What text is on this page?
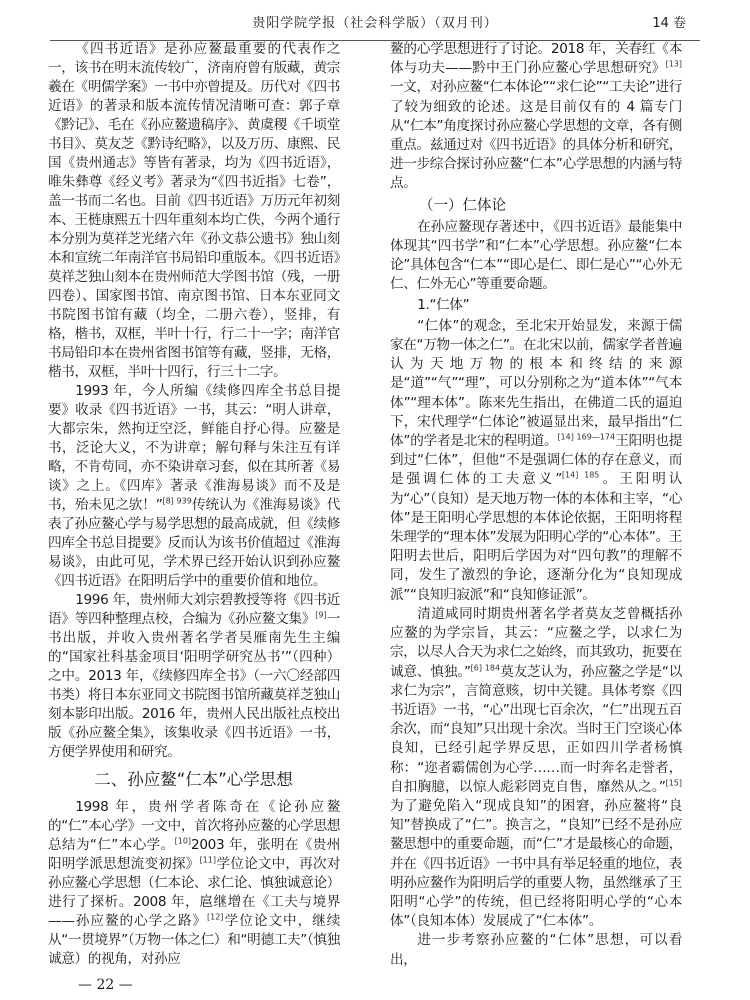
贵阳学院学报（社会科学版）（双月刊）	14 卷

《四书近语》是孙应鳌最重要的代表作之一，该书在明末流传较广，济南府曾有版藏，黄宗羲在《明儒学案》一书中亦曾提及。历代对《四书近语》的著录和版本流传情况清晰可查：郭子章《黔记》、毛在《孙应鳌遗稿序》、黄虞稷《千顷堂书目》、莫友芝《黔诗纪略》，以及万历、康熙、民国《贵州通志》等皆有著录，均为《四书近语》，唯朱彝尊《经义考》著录为“《四书近指》七卷”，盖一书而二名也。目前《四书近语》万历元年初刻本、王梿康熙五十四年重刻本均亡佚，今两个通行本分别为莫祥芝光绪六年《孙文恭公遗书》独山刻本和宣统二年南洋官书局铅印重版本。《四书近语》莫祥芝独山刻本在贵州师范大学图书馆（残，一册四卷）、国家图书馆、南京图书馆、日本东亚同文书院图书馆有藏（均全，二册六卷），竖排，有格，楷书，双框，半叶十行，行二十一字；南洋官书局铅印本在贵州省图书馆等有藏，竖排，无格，楷书，双框，半叶十四行，行三十二字。

1993 年，今人所编《续修四库全书总目提要》收录《四书近语》一书，其云：“明人讲章，大都宗朱，然拘迂空泛，鲜能自抒心得。应鳌是书，泛论大义，不为讲章；解句释与朱注互有详略，不肯苟同，亦不染讲章习套，似在其所著《易谈》之上。《四库》著录《淮海易谈》而不及是书，殆未见之欤！”$^{[8] 939}$传统认为《淮海易谈》代表了孙应鳌心学与易学思想的最高成就，但《续修四库全书总目提要》反而认为该书价值超过《淮海易谈》，由此可见，学术界已经开始认识到孙应鳌《四书近语》在阳明后学中的重要价值和地位。

1996 年，贵州师大刘宗碧教授等将《四书近语》等四种整理点校，合编为《孙应鳌文集》[9]一书出版，并收入贵州著名学者吴雁南先生主编的“国家社科基金项目‘阳明学研究丛书’”（四种）之中。2013 年，《续修四库全书》（一六〇经部四书类）将日本东亚同文书院图书馆所藏莫祥芝独山刻本影印出版。2016 年，贵州人民出版社点校出版《孙应鳌全集》，该集收录《四书近语》一书，方便学界使用和研究。

二、孙应鳌“仁本”心学思想

1998 年，贵州学者陈奇在《论孙应鳌的“仁”本心学》一文中，首次将孙应鳌的心学思想总结为“仁”本心学。[10]2003 年，张明在《贵州阳明学派思想流变初探》[11]学位论文中，再次对孙应鳌心学思想（仁本论、求仁论、慎独诚意论）进行了探析。2008 年，扈继增在《工夫与境界——孙应鳌的心学之路》[12]学位论文中，继续从“一贯境界”（万物一体之仁）和“明德工夫”（慎独诚意）的视角，对孙应

鳌的心学思想进行了讨论。2018 年，关春红《本体与功夫——黔中王门孙应鳌心学思想研究》[13]一文，对孙应鳌“仁本体论”“求仁论”“工夫论”进行了较为细致的论述。这是目前仅有的 4 篇专门从“仁本”角度探讨孙应鳌心学思想的文章，各有侧重点。兹通过对《四书近语》的具体分析和研究，进一步综合探讨孙应鳌“仁本”心学思想的内涵与特点。

（一）仁体论

在孙应鳌现存著述中，《四书近语》最能集中体现其“四书学”和“仁本”心学思想。孙应鳌“仁本论”具体包含“仁本”“即心是仁、即仁是心”“心外无仁、仁外无心”等重要命题。

1.“仁体”

“仁体”的观念，至北宋开始显发，来源于儒家在“万物一体之仁”。在北宋以前，儒家学者普遍认为天地万物的根本和终结的来源是“道”“气”“理”，可以分别称之为“道本体”“气本体”“理本体”。陈来先生指出，在佛道二氏的逼迫下，宋代理学“仁体论”被逼显出来，最早指出“仁体”的学者是北宋的程明道。$^{[14] 169—174}$王阳明也提到过“仁体”，但他“不是强调仁体的存在意义，而是强调仁体的工夫意义”$^{[14] 185}$。王阳明认为“心”（良知）是天地万物一体的本体和主宰，“心体”是王阳明心学思想的本体论依据，王阳明将程朱理学的“理本体”发展为阳明心学的“心本体”。王阳明去世后，阳明后学因为对“四句教”的理解不同，发生了激烈的争论，逐渐分化为“良知现成派”“良知归寂派”和“良知修证派”。

清道咸同时期贵州著名学者莫友芝曾概括孙应鳌的为学宗旨，其云：“应鳌之学，以求仁为宗，以尽人合天为求仁之始终，而其致功，扼要在诚意、慎独。”$^{[6] 184}$莫友芝认为，孙应鳌之学是“以求仁为宗”，言简意赅，切中关键。具体考察《四书近语》一书，“心”出现七百余次，“仁”出现五百余次，而“良知”只出现十余次。当时王门空谈心体良知，已经引起学界反思，正如四川学者杨慎称：“迩者霸儒创为心学……而一时奔名走誉者，自扣胸臆，以惊人彪彩罔克自售，靡然从之。”[15]为了避免陷入“现成良知”的困窘，孙应鳌将“良知”替换成了“仁”。换言之，“良知”已经不是孙应鳌思想中的重要命题，而“仁”才是最核心的命题，并在《四书近语》一书中具有举足轻重的地位，表明孙应鳌作为阳明后学的重要人物，虽然继承了王阳明“心学”的传统，但已经将阳明心学的“心本体”（良知本体）发展成了“仁本体”。

进一步考察孙应鳌的“仁体”思想，可以看出，

— 22 —
